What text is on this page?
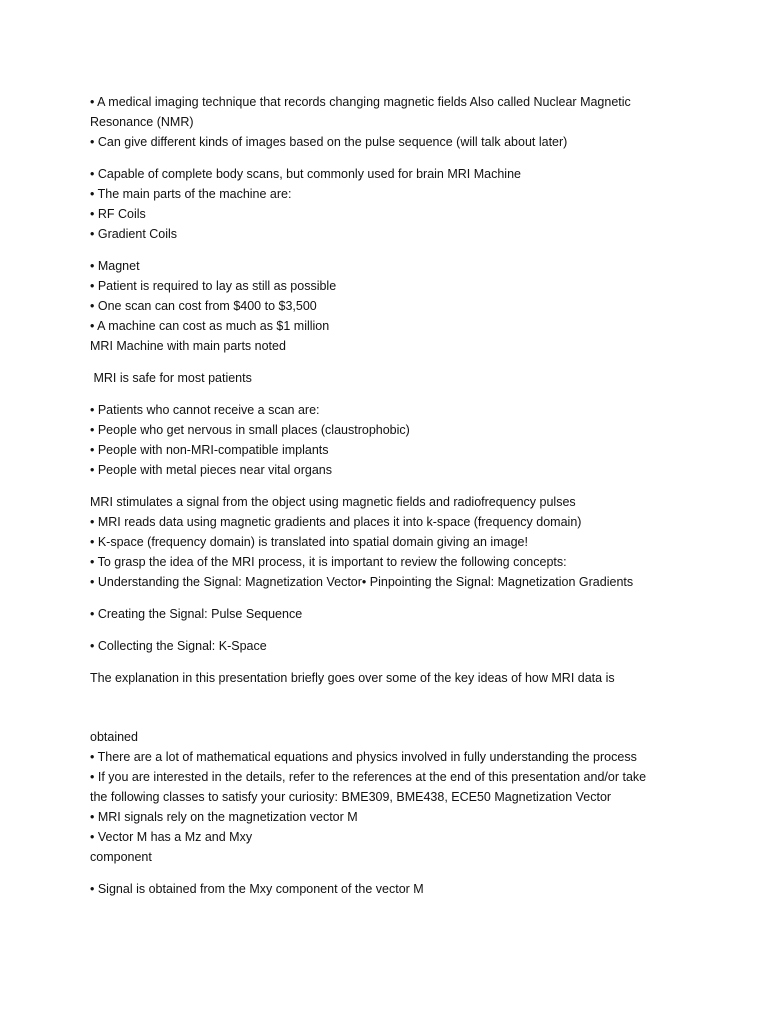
• A medical imaging technique that records changing magnetic fields Also called Nuclear Magnetic
Resonance (NMR)
• Can give different kinds of images based on the pulse sequence (will talk about later)
• Capable of complete body scans, but commonly used for brain MRI Machine
• The main parts of the machine are:
• RF Coils
• Gradient Coils
• Magnet
• Patient is required to lay as still as possible
• One scan can cost from $400 to $3,500
• A machine can cost as much as $1 million
MRI Machine with main parts noted
MRI is safe for most patients
• Patients who cannot receive a scan are:
• People who get nervous in small places (claustrophobic)
• People with non-MRI-compatible implants
• People with metal pieces near vital organs
MRI stimulates a signal from the object using magnetic fields and radiofrequency pulses
• MRI reads data using magnetic gradients and places it into k-space (frequency domain)
• K-space (frequency domain) is translated into spatial domain giving an image!
• To grasp the idea of the MRI process, it is important to review the following concepts:
• Understanding the Signal: Magnetization Vector• Pinpointing the Signal: Magnetization Gradients
• Creating the Signal: Pulse Sequence
• Collecting the Signal: K-Space
The explanation in this presentation briefly goes over some of the key ideas of how MRI data is
obtained
• There are a lot of mathematical equations and physics involved in fully understanding the process
• If you are interested in the details, refer to the references at the end of this presentation and/or take
the following classes to satisfy your curiosity: BME309, BME438, ECE50 Magnetization Vector
• MRI signals rely on the magnetization vector M
• Vector M has a Mz and Mxy
component
• Signal is obtained from the Mxy component of the vector M
